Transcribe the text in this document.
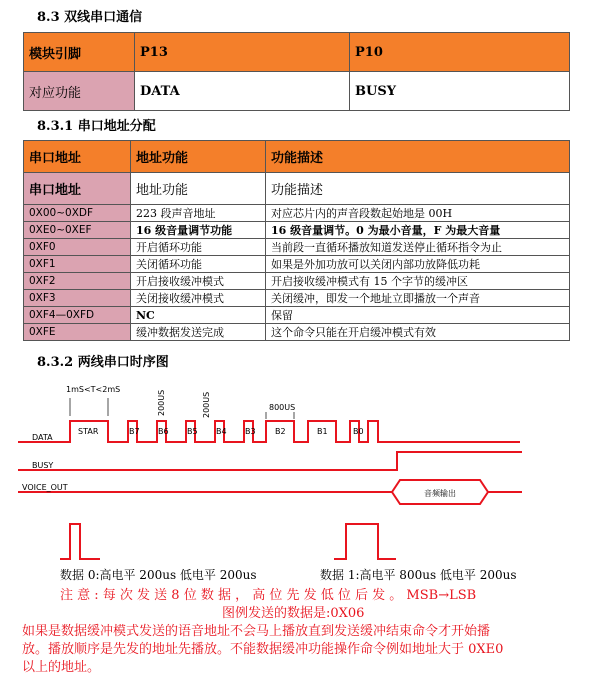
8.3 双线串口通信
模块引脚	P13	P10
对应功能	DATA	BUSY
8.3.1 串口地址分配
串口地址	地址功能	功能描述
串口地址	地址功能	功能描述
0X00~0XDF	223 段声音地址	对应芯片内的声音段数起始地是 00H
0XE0~0XEF	16 级音量调节功能	16 级音量调节。0 为最小音量，F 为最大音量
0XF0	开启循环功能	当前段一直循环播放知道发送停止循环指令为止
0XF1	关闭循环功能	如果是外加功放可以关闭内部功放降低功耗
0XF2	开启接收缓冲模式	开启接收缓冲模式有 15 个字节的缓冲区
0XF3	关闭接收缓冲模式	关闭缓冲，即发一个地址立即播放一个声音
0XF4—0XFD	NC	保留
0XFE	缓冲数据发送完成	这个命令只能在开启缓冲模式有效
8.3.2 两线串口时序图
1mS<T<2mS
200US	200US	800US
DATA
BUSY
VOICE_OUT
STAR	B7 B6 B5 B4 B3 B2	B1	B0
音频输出
数据 0:高电平 200us 低电平 200us	数据 1:高电平 800us 低电平 200us
注 意 : 每 次 发 送 8 位 数 据 ， 高 位 先 发 低 位 后 发 。 MSB→LSB
图例发送的数据是:0X06
如果是数据缓冲模式发送的语音地址不会马上播放直到发送缓冲结束命令才开始播
放。播放顺序是先发的地址先播放。不能数据缓冲功能操作命令例如地址大于 0XE0
以上的地址。
